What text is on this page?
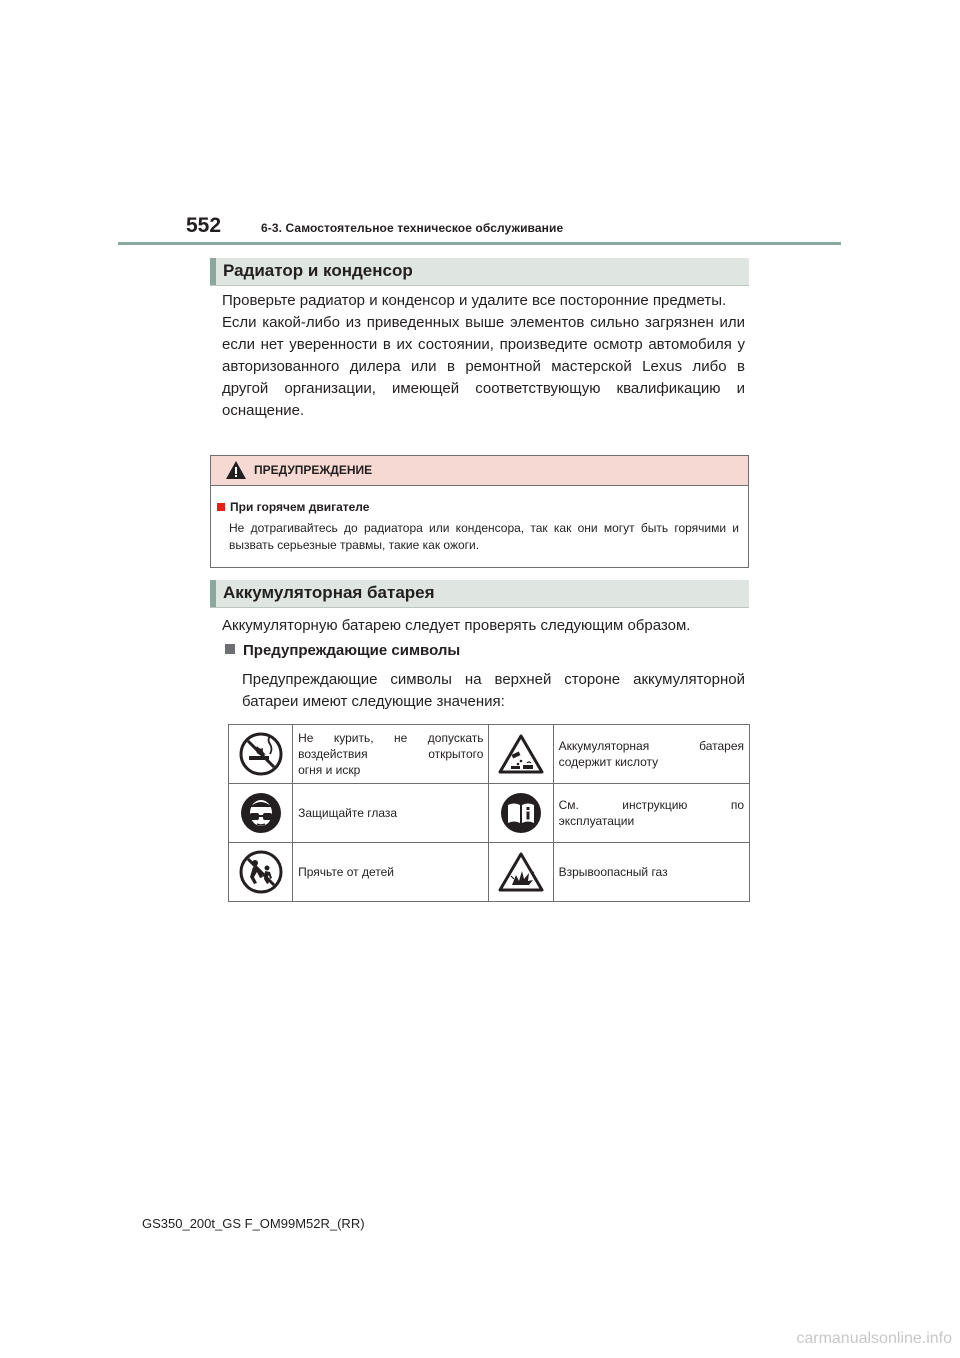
552	6-3. Самостоятельное техническое обслуживание
Радиатор и конденсор

Проверьте радиатор и конденсор и удалите все посторонние предметы.

Если какой-либо из приведенных выше элементов сильно загрязнен или если нет уверенности в их состоянии, произведите осмотр автомобиля у авторизованного дилера или в ремонтной мастерской Lexus либо в другой организации, имеющей соответствующую квалификацию и оснащение.

ПРЕДУПРЕЖДЕНИЕ
При горячем двигателе
Не дотрагивайтесь до радиатора или конденсора, так как они могут быть горячими и вызвать серьезные травмы, такие как ожоги.
Аккумуляторная батарея
Аккумуляторную батарею следует проверять следующим образом.
Предупреждающие символы
Предупреждающие символы на верхней стороне аккумуляторной батареи имеют следующие значения:

Не курить, не допускать
воздействия открытого
огня и искр		Аккумуляторная батарея
содержит кислоту

Защищайте глаза		См. инструкцию по
эксплуатации

Прячьте от детей		Взрывоопасный газ
GS350_200t_GS F_OM99M52R_(RR)
carmanualsonline.info
